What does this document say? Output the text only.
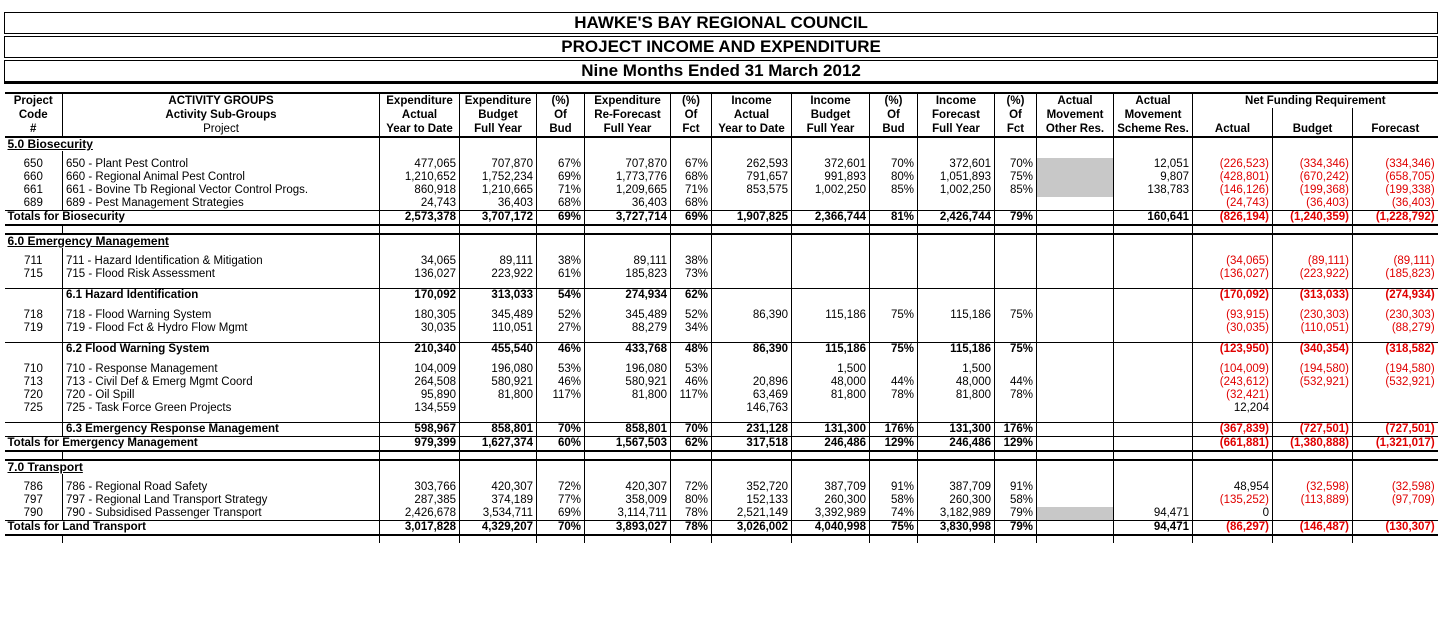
HAWKE'S BAY REGIONAL COUNCIL																

PROJECT INCOME AND EXPENDITURE																

Nine Months Ended 31 March 2012																

Project	ACTIVITY GROUPS	Expenditure	Expenditure	(%)	Expenditure	(%)	Income	Income	(%)	Income	(%)	Actual	Actual	Net Funding Requirement		
Code	Activity Sub-Groups	Actual	Budget	Of	Re-Forecast	Of	Actual	Budget	Of	Forecast	Of	Movement	Movement			
#	Project	Year to Date	Full Year	Bud	Full Year	Fct	Year to Date	Full Year	Bud	Full Year	Fct	Other Res.	Scheme Res.	Actual	Budget	Forecast
5.0 Biosecurity																

650	650 - Plant Pest Control	477,065	707,870	67%	707,870	67%	262,593	372,601	70%	372,601	70%		12,051	(226,523)	(334,346)	(334,346)
660	660 - Regional Animal Pest Control	1,210,652	1,752,234	69%	1,773,776	68%	791,657	991,893	80%	1,051,893	75%		9,807	(428,801)	(670,242)	(658,705)
661	661 - Bovine Tb Regional Vector Control Progs.	860,918	1,210,665	71%	1,209,665	71%	853,575	1,002,250	85%	1,002,250	85%		138,783	(146,126)	(199,368)	(199,338)
689	689 - Pest Management Strategies	24,743	36,403	68%	36,403	68%								(24,743)	(36,403)	(36,403)
Totals for Biosecurity		2,573,378	3,707,172	69%	3,727,714	69%	1,907,825	2,366,744	81%	2,426,744	79%		160,641	(826,194)	(1,240,359)	(1,228,792)

6.0 Emergency Management																

711	711 - Hazard Identification & Mitigation	34,065	89,111	38%	89,111	38%								(34,065)	(89,111)	(89,111)
715	715 - Flood Risk Assessment	136,027	223,922	61%	185,823	73%								(136,027)	(223,922)	(185,823)

	6.1 Hazard Identification	170,092	313,033	54%	274,934	62%								(170,092)	(313,033)	(274,934)

718	718 - Flood Warning System	180,305	345,489	52%	345,489	52%	86,390	115,186	75%	115,186	75%			(93,915)	(230,303)	(230,303)
719	719 - Flood Fct & Hydro Flow Mgmt	30,035	110,051	27%	88,279	34%								(30,035)	(110,051)	(88,279)

	6.2 Flood Warning System	210,340	455,540	46%	433,768	48%	86,390	115,186	75%	115,186	75%			(123,950)	(340,354)	(318,582)

710	710 - Response Management	104,009	196,080	53%	196,080	53%		1,500		1,500				(104,009)	(194,580)	(194,580)
713	713 - Civil Def & Emerg Mgmt Coord	264,508	580,921	46%	580,921	46%	20,896	48,000	44%	48,000	44%			(243,612)	(532,921)	(532,921)
720	720 - Oil Spill	95,890	81,800	117%	81,800	117%	63,469	81,800	78%	81,800	78%			(32,421)		
725	725 - Task Force Green Projects	134,559					146,763							12,204		

	6.3 Emergency Response Management	598,967	858,801	70%	858,801	70%	231,128	131,300	176%	131,300	176%			(367,839)	(727,501)	(727,501)
Totals for Emergency Management		979,399	1,627,374	60%	1,567,503	62%	317,518	246,486	129%	246,486	129%			(661,881)	(1,380,888)	(1,321,017)

7.0 Transport																

786	786 - Regional Road Safety	303,766	420,307	72%	420,307	72%	352,720	387,709	91%	387,709	91%			48,954	(32,598)	(32,598)
797	797 - Regional Land Transport Strategy	287,385	374,189	77%	358,009	80%	152,133	260,300	58%	260,300	58%			(135,252)	(113,889)	(97,709)
790	790 - Subsidised Passenger Transport	2,426,678	3,534,711	69%	3,114,711	78%	2,521,149	3,392,989	74%	3,182,989	79%		94,471	0		
Totals for Land Transport		3,017,828	4,329,207	70%	3,893,027	78%	3,026,002	4,040,998	75%	3,830,998	79%		94,471	(86,297)	(146,487)	(130,307)
